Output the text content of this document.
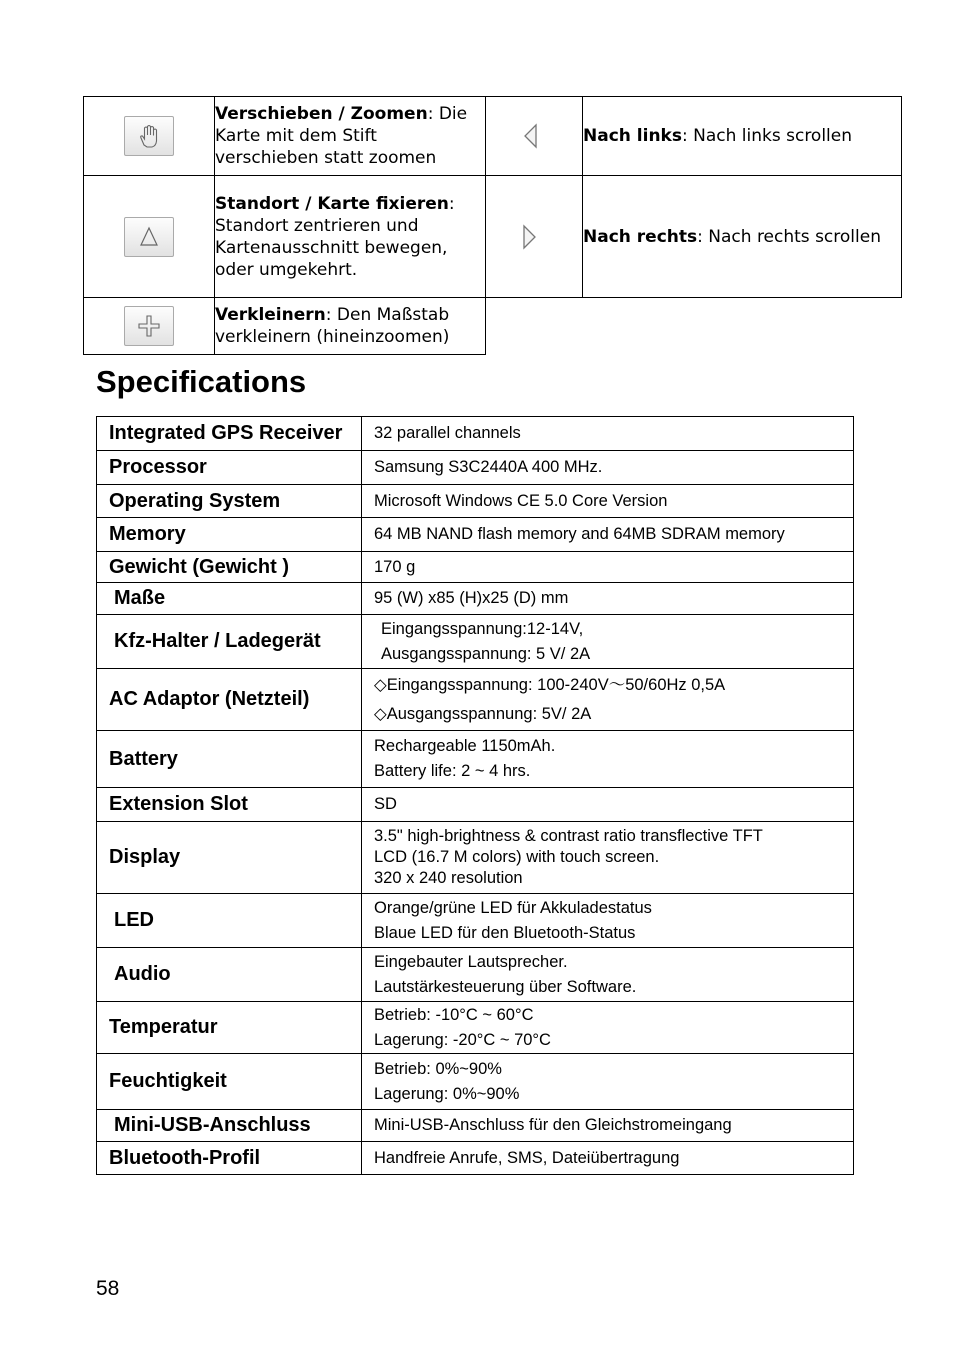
	Verschieben / Zoomen: Die Karte mit dem Stift verschieben statt zoomen		Nach links: Nach links scrollen

	Standort / Karte fixieren: Standort zentrieren und Kartenausschnitt bewegen, oder umgekehrt.		Nach rechts: Nach rechts scrollen

	Verkleinern: Den Maßstab verkleinern (hineinzoomen)		
Specifications
Integrated GPS Receiver	32 parallel channels
Processor	Samsung S3C2440A 400 MHz.
Operating System	Microsoft Windows CE 5.0 Core Version
Memory	64 MB NAND flash memory and 64MB SDRAM memory
Gewicht (Gewicht )	170 g
Maße	95 (W) x85 (H)x25 (D) mm
Kfz-Halter / Ladegerät	Eingangsspannung:12-14V,
Ausgangsspannung: 5 V/ 2A

AC Adaptor (Netzteil)	◇Eingangsspannung: 100-240V～50/60Hz 0,5A
◇Ausgangsspannung: 5V/ 2A

Battery	Rechargeable 1150mAh.
Battery life: 2 ~ 4 hrs.

Extension Slot	SD
Display	3.5" high-brightness & contrast ratio transflective TFT
LCD (16.7 M colors) with touch screen.
320 x 240 resolution

LED	Orange/grüne LED für Akkuladestatus
Blaue LED für den Bluetooth-Status

Audio	Eingebauter Lautsprecher.
Lautstärkesteuerung über Software.

Temperatur	Betrieb: -10°C ~ 60°C
Lagerung: -20°C ~ 70°C

Feuchtigkeit	Betrieb: 0%~90%
Lagerung: 0%~90%

Mini-USB-Anschluss	Mini-USB-Anschluss für den Gleichstromeingang
Bluetooth-Profil	Handfreie Anrufe, SMS, Dateiübertragung
58
